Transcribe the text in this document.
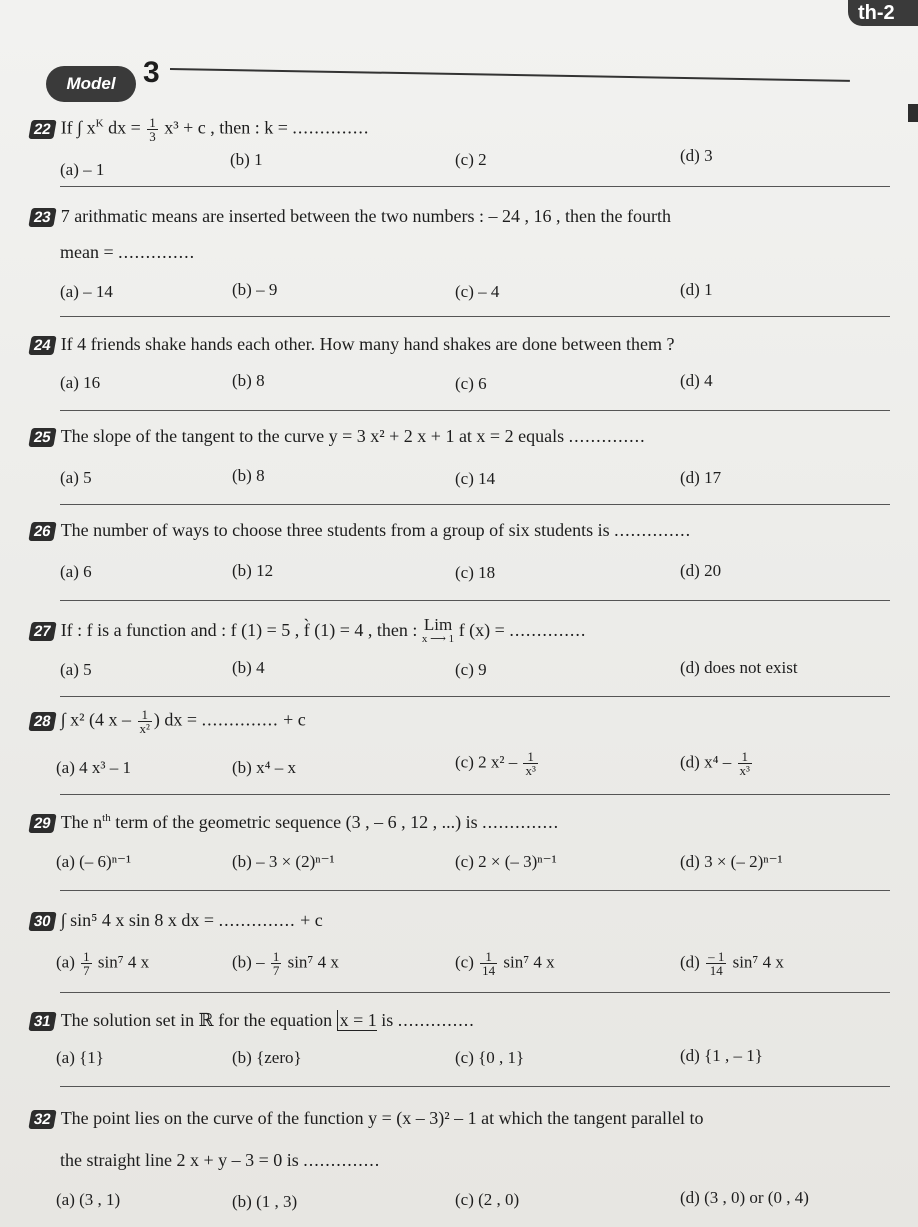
th-2
Model 3
22 If ∫ $x^K$ dx = $\frac{1}{3} x^3 + c$ , then : k = ..............
(a) – 1
(b) 1	(c) 2	(d) 3
23 7 arithmatic means are inserted between the two numbers : – 24 , 16 , then the fourth
mean = ..............
(a) – 14	(b) – 9	(c) – 4	(d) 1
24 If 4 friends shake hands each other. How many hand shakes are done between them ?
(a) 16	(b) 8	(c) 6	(d) 4
25 The slope of the tangent to the curve y = 3 x² + 2 x + 1 at x = 2 equals ..............
(a) 5	(b) 8	(c) 14	(d) 17
26 The number of ways to choose three students from a group of six students is ..............
(a) 6	(b) 12	(c) 18	(d) 20
27 If : f is a function and : f (1) = 5 , f̀ (1) = 4 , then : Lim
x ⟶ 1 f (x) = ..............
(a) 5	(b) 4	(c) 9	(d) does not exist
28 ∫ x² (4 x – $\frac{1}{\text{x²}}$ ) dx = .............. + c
(a) 4 x³ – 1	(b) x⁴ – x	(c) 2 $x^2 - \frac{1}{\text{x³}}$	(d) $x^4 - \frac{1}{\text{x³}}$
29 The $n^{th}$ term of the geometric sequence (3 , – 6 , 12 , ...) is ..............
(a) (– 6)ⁿ⁻¹	(b) – 3 × (2)ⁿ⁻¹	(c) 2 × (– 3)ⁿ⁻¹	(d) 3 × (– 2)ⁿ⁻¹
30 ∫ sin⁵ 4 x sin 8 x dx = .............. + c
$(a) \frac{1}{7} \sin^7$ 4 x	$(b) - \frac{1}{7} \sin^7$ 4 x	$(c) \frac{1}{14} \sin^7$ 4 x	$(d) \frac{- 1}{14} \sin^7$ 4 x
31 The solution set in ℝ for the equation x = 1 is ..............
(a) {1}	(b) {zero}	(c) {0 , 1}	(d) {1 , – 1}
32 The point lies on the curve of the function y = (x – 3)² – 1 at which the tangent parallel to
the straight line 2 x + y – 3 = 0 is ..............
(a) (3 , 1)	(b) (1 , 3)	(c) (2 , 0)	(d) (3 , 0) or (0 , 4)
